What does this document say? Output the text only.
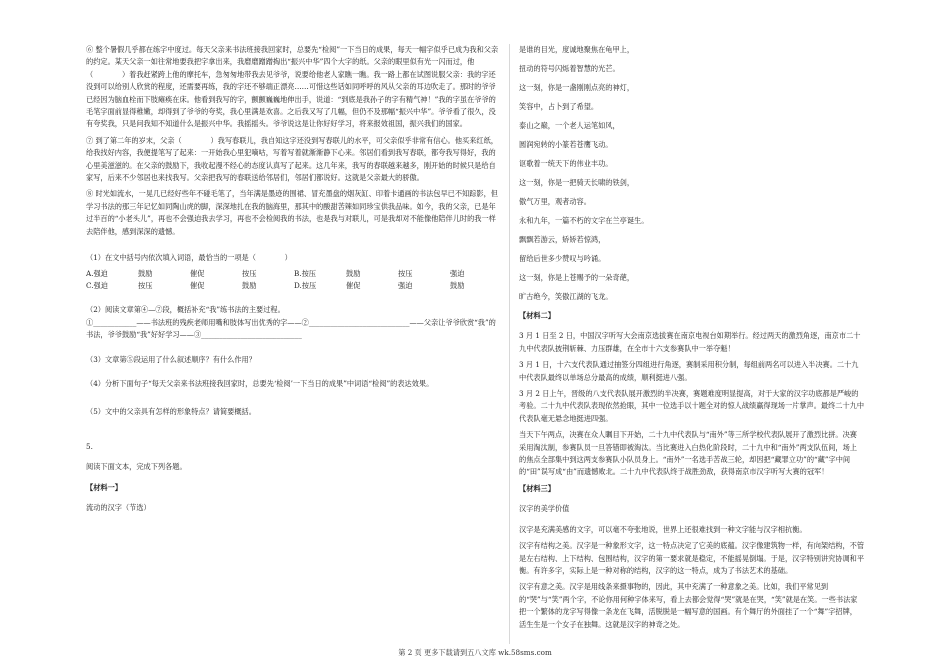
⑥ 整个暑假几乎都在练字中度过。每天父亲来书法班接我回家时，总要先“检阅”一下当日的成果，每天一幅字似乎已成为我和父亲的约定。某天父亲一如往常地要我把字拿出来，我磨磨蹭蹭掏出“振兴中华”四个大字的纸。父亲的眼里似有光一闪而过，他（　　　　）着我赶紧跨上他的摩托车，急匆匆地带我去见爷爷，说要给他老人家瞧一瞧。我一路上都在试图说服父亲：我的字还没到可以给别人欣赏的程度，还需要再练，我的字还不够端正漂亮……可惜这些话如同呼呼的风从父亲的耳边吹走了。那时的爷爷已经因为脑血栓而下肢瘫痪在床。他看到我写的字，颤颤巍巍地伸出手，说道：“到底是我孙子的字有精气神！”我的字虽在爷爷的毛笔字面前显得稚嫩，却得到了爷爷的夸奖，我心里满是欢喜。之后我又写了几幅，但仍不及那幅“振兴中华”。爷爷看了很久，没有夸奖我，只是问我知不知道什么是振兴中华。我摇摇头。爷爷说这是让你好好学习，将来报效祖国，振兴我们的国家。

⑦ 到了第二年的岁末，父亲（　　　　）我写春联儿，我自知这字还没到写春联儿的水平，可父亲似乎非常有信心。他买来红纸，给我找好内容，我便提笔写了起来：一开始我心里犯嘀咕，写着写着就渐渐静下心来。邻居们看到我写春联，都夸我写得好，我的心里美滋滋的。在父亲的鼓励下，我收起漫不经心的态度认真写了起来。这几年来，我写的春联越来越多，刚开始的时候只是给自家写，后来不少邻居也来找我写。父亲把我写的春联送给邻居们，邻居们都说好。这就是父亲最大的骄傲。

⑧ 时光如流水，一晃几已经好些年不碰毛笔了，当年满是墨迹的围裙、冒充墨盘的烟灰缸、印着卡通画的书法包早已不知踪影，但学习书法的那三年记忆如同陶山虎的脚，深深地扎在我的脑海里，那其中的酸甜苦辣如同珍宝供我品味。如今，我的父亲，已是年过半百的“小老头儿”，再也不会强迫我去学习，再也不会检阅我的书法，也是我与对联儿，可是我却对不能像他陪伴儿时的我一样去陪伴他，感到深深的遗憾。

（1）在文中括号内依次填入词语，最恰当的一项是（　　　　）
A.强迫	鼓励	催促	按压	B.按压	鼓励	按压	强迫
C.强迫	按压	催促	鼓励	D.按压	催促	强迫	鼓励
（2）阅读文章第④—⑦段，概括补充“我”练书法的主要过程。
①____________——书法班的残疾老师用嘴和肢体写出优秀的字——②____________________________——父亲让爷爷欣赏“我”的书法，爷爷鼓励“我”好好学习——③____________________________
（3）文章第⑤段运用了什么叙述顺序？有什么作用？
（4）分析下面句子“每天父亲来书法班接我回家时，总要先‘检阅’一下当日的成果”中词语“检阅”的表达效果。
（5）文中的父亲具有怎样的形象特点？请简要概括。
5.
阅读下面文本，完成下列各题。
【材料一】
流动的汉字（节选）
是谁的目光，度诚地聚焦在龟甲上，
扭动的符号闪烁着智慧的光芒。
这一刻，你是一盏刚刚点亮的神灯，
笑容中，占卜到了希望。
泰山之巅，一个老人运笔如风，
圆润宛转的小篆若苍鹰飞动。
讴歌着一统天下的伟业丰功。
这一刻，你是一把骑天长啸的铁剑，
傲气万里，观者动容。
永和九年，一篇不朽的文字在兰亭诞生。
飘飘若游云，矫矫若惊鸿，
留给后世多少赞叹与吟诵。
这一刻，你是上苍赐予的一朵奇葩，
旷古绝今，笑傲江湖的飞龙。
【材料二】

3 月 1 日至 2 日，中国汉字听写大会南京选拔赛在南京电视台如期举行。经过两天的激烈角逐，南京市二十九中代表队披荆斩棘、力压群雄，在全市十六支参赛队中一举夺魁！

3 月 1 日，十六支代表队通过抽签分四组进行角逐，赛制采用积分制，每组前两名可以进入半决赛。二十九中代表队最终以单场总分最高的成绩，顺利挺进八强。

3 月 2 日上午，晋级的八支代表队展开激烈的半决赛，赛题难度明显提高，对于大家的汉字功底都是严峻的考验。二十九中代表队表现依然抢眼，其中一位选手以十题全对的惊人战绩赢得现场一片掌声。最终二十九中代表队毫无悬念地挺进四强。

当天下午两点，决赛在众人瞩目下开始，二十九中代表队与“南外”等三所学校代表队展开了激烈比拼。决赛采用淘汰制，参赛队员一旦答错即被淘汰。当比赛进入白热化阶段时，二十九中和“南外”两支队伍间，场上的焦点全部集中到这两支参赛队小队员身上。“南外”一名选手苦战三轮，却因把“藏罪立功”的“藏”字中间的“田”误写成“由”而遗憾败北。二十九中代表队终于战胜劲敌，获得南京市汉字听写大赛的冠军！

【材料三】
汉字的美学价值

汉字是充满美感的文字，可以毫不夸张地说，世界上还很难找到一种文字能与汉字相抗衡。

汉字有结构之美。汉字是一种象形文字，这一特点决定了它美的底蕴。汉字像建筑物一样，有向架结构，不管是左右结构、上下结构、包围结构，汉字的第一要求就是稳定，不能摇晃倒塌。于是，汉字特别讲究协调和平衡。有许多字，实际上是一种对称的结构，汉字的这一特点，成为了书法艺术的基础。

汉字有意之美。汉字是用线条来摄事物的，因此，其中充满了一种意象之美。比如，我们平常见到的“哭”与“笑”两个字，不论你用何种字体来写，看上去都会觉得“哭”就是在哭，“笑”就是在笑。一些书法家把一个繁体的龙字写得像一条龙在飞舞，活脱脱是一幅写意的国画。有个舞厅的外面挂了一个“舞”字招牌，活生生是一个女子在独舞。这就是汉字的神奇之处。

第 2 页 更多下载请到五八文库 wk.58sms.com
